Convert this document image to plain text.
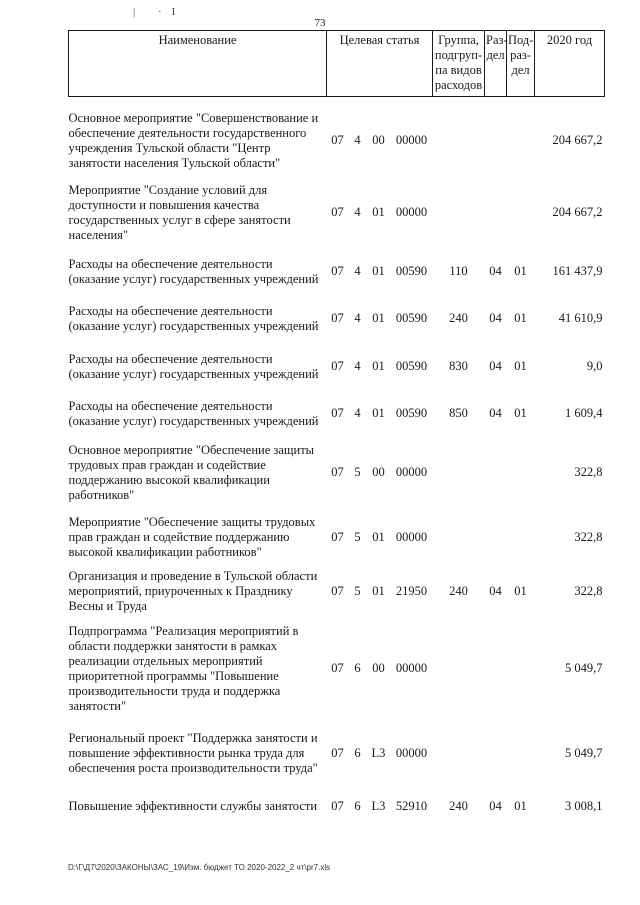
| ·I
73
Наименование	Целевая статья				Группа, подгруп-па видов расходов	Раз-дел	Под-раз-дел	2020 год

Основное мероприятие "Совершенствование и обеспечение деятельности государственного учреждения Тульской области "Центр занятости населения Тульской области"	07	4	00	00000				204 667,2
Мероприятие "Создание условий для доступности и повышения качества государственных услуг в сфере занятости населения"	07	4	01	00000				204 667,2
Расходы на обеспечение деятельности (оказание услуг) государственных учреждений	07	4	01	00590	110	04	01	161 437,9
Расходы на обеспечение деятельности (оказание услуг) государственных учреждений	07	4	01	00590	240	04	01	41 610,9
Расходы на обеспечение деятельности (оказание услуг) государственных учреждений	07	4	01	00590	830	04	01	9,0
Расходы на обеспечение деятельности (оказание услуг) государственных учреждений	07	4	01	00590	850	04	01	1 609,4
Основное мероприятие "Обеспечение защиты трудовых прав граждан и содействие поддержанию высокой квалификации работников"	07	5	00	00000				322,8
Мероприятие "Обеспечение защиты трудовых прав граждан и содействие поддержанию высокой квалификации работников"	07	5	01	00000				322,8
Организация и проведение в Тульской области мероприятий, приуроченных к Празднику Весны и Труда	07	5	01	21950	240	04	01	322,8
Подпрограмма "Реализация мероприятий в области поддержки занятости в рамках реализации отдельных мероприятий приоритетной программы "Повышение производительности труда и поддержка занятости"	07	6	00	00000				5 049,7
Региональный проект "Поддержка занятости и повышение эффективности рынка труда для обеспечения роста производительности труда"	07	6	L3	00000				5 049,7
Повышение эффективности службы занятости	07	6	L3	52910	240	04	01	3 008,1
D:\Г\Д7\2020\ЗАКОНЫ\ЗАС_19\Изм. бюджет ТО 2020-2022_2 чт\pr7.xls
